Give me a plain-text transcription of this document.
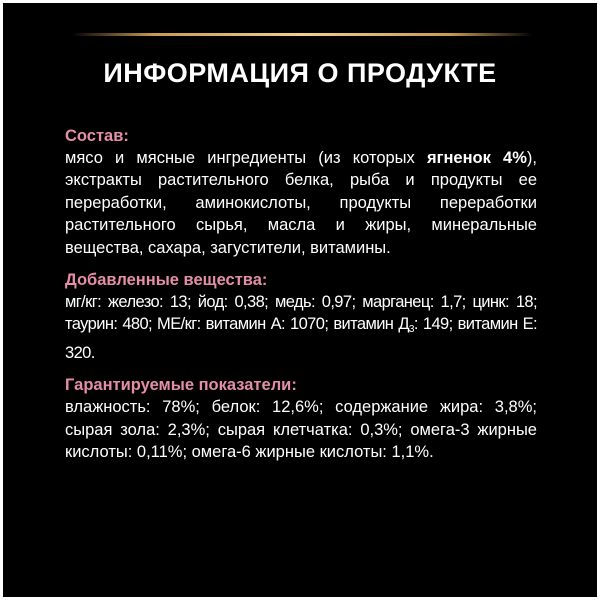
ИНФОРМАЦИЯ О ПРОДУКТЕ
Состав:
мясо и мясные ингредиенты (из которых ягненок 4%), экстракты растительного белка, рыба и продукты ее переработки, аминокислоты, продукты переработки растительного сырья, масла и жиры, минеральные вещества, сахара, загустители, витамины.
Добавленные вещества:
мг/кг: железо: 13; йод: 0,38; медь: 0,97; марганец: 1,7; цинк: 18; таурин: 480; МЕ/кг: витамин А: 1070; витамин $Д_3$: 149; витамин Е: 320.
Гарантируемые показатели:
влажность: 78%; белок: 12,6%; содержание жира: 3,8%; сырая зола: 2,3%; сырая клетчатка: 0,3%; омега-3 жирные кислоты: 0,11%; омега-6 жирные кислоты: 1,1%.
